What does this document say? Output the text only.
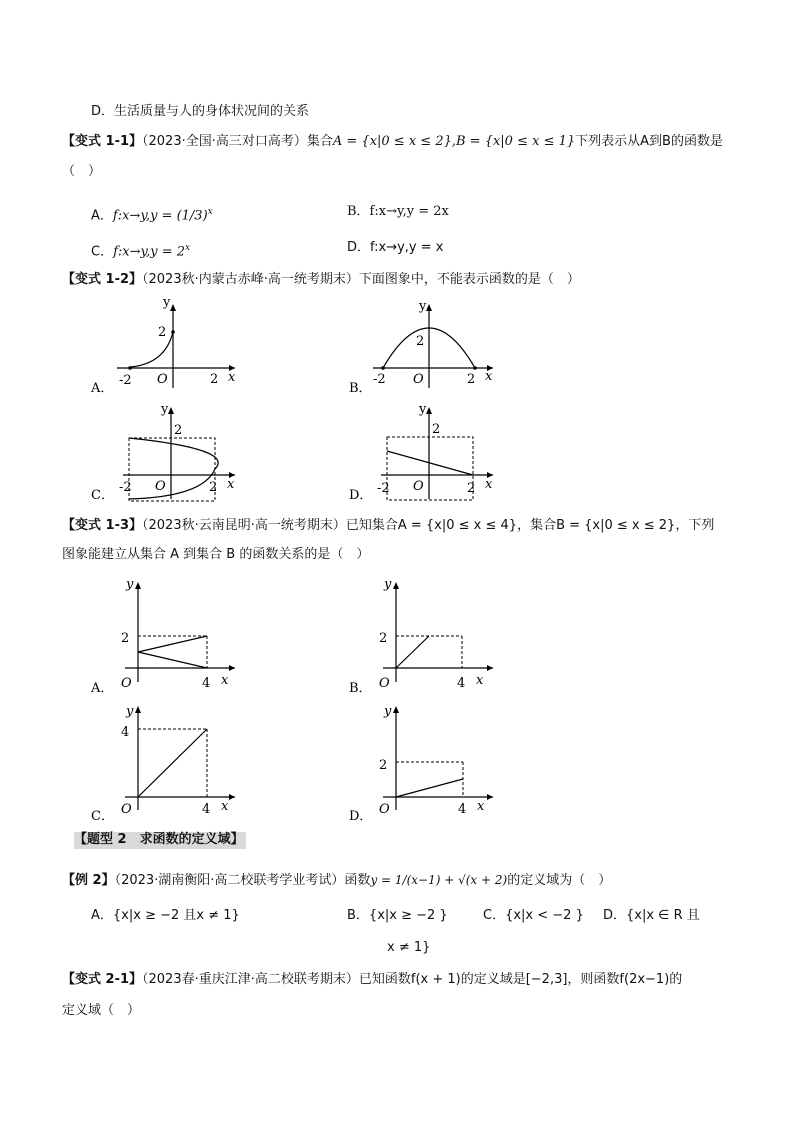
D．生活质量与人的身体状况间的关系
【变式 1-1】（2023·全国·高三对口高考）集合A = {x|0 ≤ x ≤ 2},B = {x|0 ≤ x ≤ 1}下列表示从A到B的函数是
（　）
A．f:x→y,y = $(1/3)^x$	B．f:x→y,y = 2x
C．f:x→y,y = $2^x$	D．f:x→y,y = x
【变式 1-2】（2023秋·内蒙古赤峰·高一统考期末）下面图象中，不能表示函数的是（　）
y
2
-2 O	2 x
A．
y
2
-2 O	2 x
B．
y
2
-2 O	2 x
C．
y
2
-2 O	2 x
D．
【变式 1-3】（2023秋·云南昆明·高一统考期末）已知集合A = {x|0 ≤ x ≤ 4}，集合B = {x|0 ≤ x ≤ 2}，下列
图象能建立从集合 A 到集合 B 的函数关系的是（　）
y
2
O	4 x
A．
y
2
O	4 x
B．
y
4
O	4 x
C．
y
2
O	4 x
D．
【题型 2　求函数的定义域】
【例 2】（2023·湖南衡阳·高二校联考学业考试）函数y = 1/(x−1) + √(x + 2)的定义域为（　）
A．{x|x ≥ −2 且x ≠ 1}	B．{x|x ≥ −2 }	C．{x|x < −2 } D．{x|x ∈ R 且
x ≠ 1}
【变式 2-1】（2023春·重庆江津·高二校联考期末）已知函数f(x + 1)的定义域是[−2,3]，则函数f(2x−1)的
定义域（　）
